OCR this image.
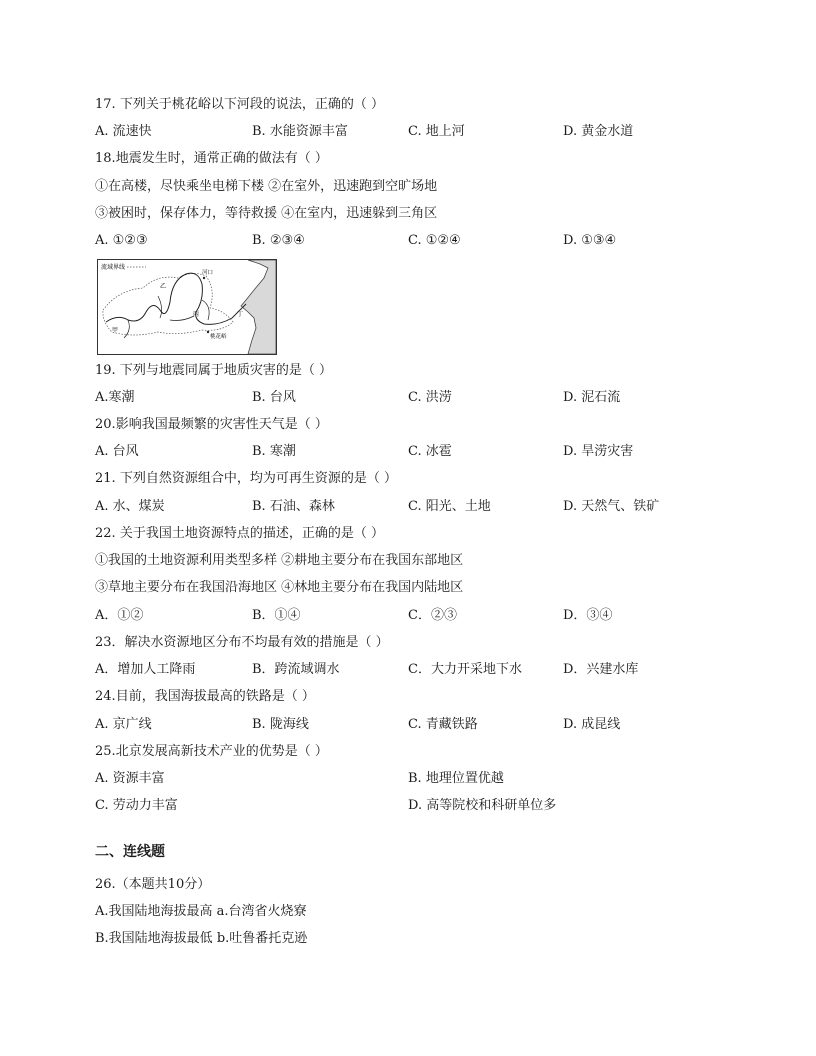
17. 下列关于桃花峪以下河段的说法，正确的（ ）
A. 流速快	B. 水能资源丰富	C. 地上河	D. 黄金水道
18.地震发生时，通常正确的做法有（ ）
①在高楼，尽快乘坐电梯下楼 ②在室外，迅速跑到空旷场地
③被困时，保存体力，等待救援 ④在室内，迅速躲到三角区
A. ①②③	B. ②③④	C. ①②④	D. ①③④
流域界线
乙
丙	丁
甲
河口
桃花峪
19. 下列与地震同属于地质灾害的是（ ）
A.寒潮	B. 台风	C. 洪涝	D. 泥石流
20.影响我国最频繁的灾害性天气是（ ）
A. 台风	B. 寒潮	C. 冰雹	D. 旱涝灾害
21. 下列自然资源组合中，均为可再生资源的是（ ）
A. 水、煤炭	B. 石油、森林	C. 阳光、土地	D. 天然气、铁矿
22. 关于我国土地资源特点的描述，正确的是（ ）
①我国的土地资源利用类型多样 ②耕地主要分布在我国东部地区
③草地主要分布在我国沿海地区 ④林地主要分布在我国内陆地区
A．①②	B．①④	C．②③	D．③④
23．解决水资源地区分布不均最有效的措施是（ ）
A．增加人工降雨	B．跨流域调水	C．大力开采地下水	D．兴建水库
24.目前，我国海拔最高的铁路是（ ）
A. 京广线	B. 陇海线	C. 青藏铁路	D. 成昆线
25.北京发展高新技术产业的优势是（ ）
A. 资源丰富	B. 地理位置优越
C. 劳动力丰富	D. 高等院校和科研单位多
二、连线题
26.（本题共10分）
A.我国陆地海拔最高 a.台湾省火烧寮
B.我国陆地海拔最低 b.吐鲁番托克逊
